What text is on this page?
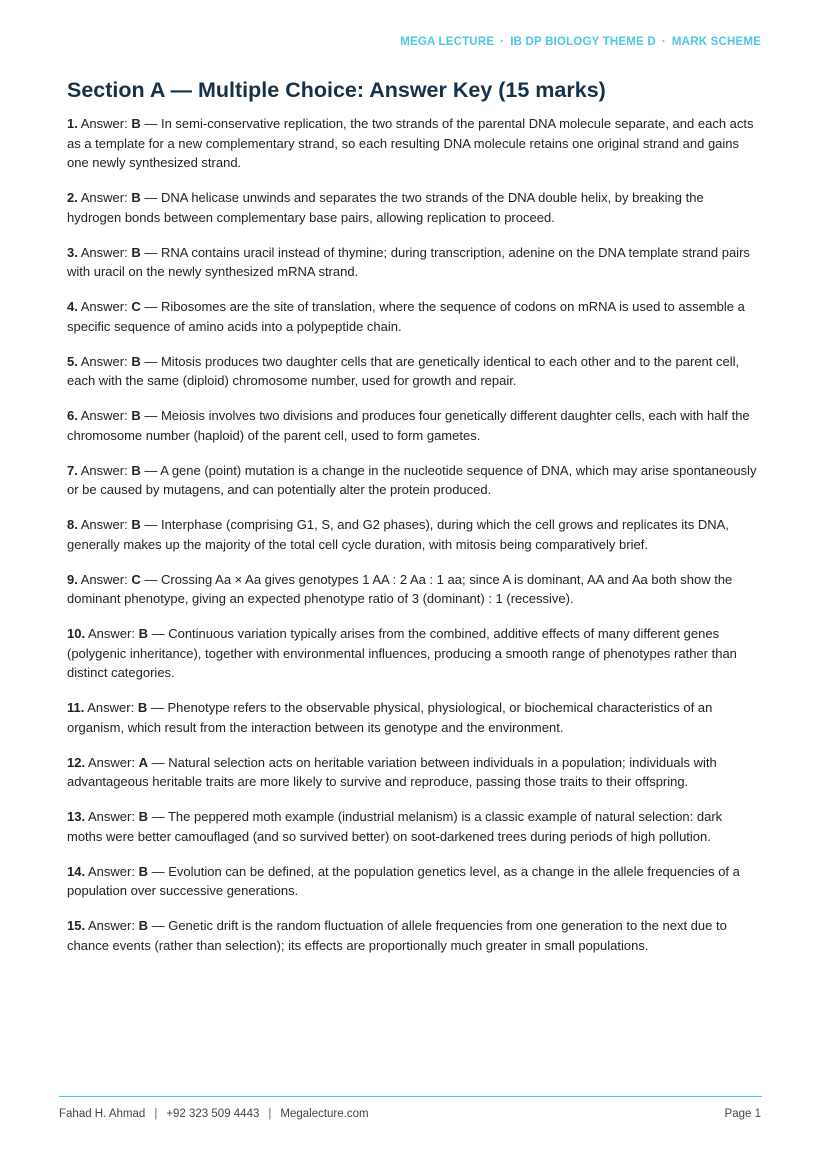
MEGA LECTURE · IB DP BIOLOGY THEME D · MARK SCHEME
Section A — Multiple Choice: Answer Key (15 marks)

1. Answer: B — In semi-conservative replication, the two strands of the parental DNA molecule separate, and each acts as a template for a new complementary strand, so each resulting DNA molecule retains one original strand and gains one newly synthesized strand.

2. Answer: B — DNA helicase unwinds and separates the two strands of the DNA double helix, by breaking the hydrogen bonds between complementary base pairs, allowing replication to proceed.

3. Answer: B — RNA contains uracil instead of thymine; during transcription, adenine on the DNA template strand pairs with uracil on the newly synthesized mRNA strand.

4. Answer: C — Ribosomes are the site of translation, where the sequence of codons on mRNA is used to assemble a specific sequence of amino acids into a polypeptide chain.

5. Answer: B — Mitosis produces two daughter cells that are genetically identical to each other and to the parent cell, each with the same (diploid) chromosome number, used for growth and repair.

6. Answer: B — Meiosis involves two divisions and produces four genetically different daughter cells, each with half the chromosome number (haploid) of the parent cell, used to form gametes.

7. Answer: B — A gene (point) mutation is a change in the nucleotide sequence of DNA, which may arise spontaneously or be caused by mutagens, and can potentially alter the protein produced.

8. Answer: B — Interphase (comprising G1, S, and G2 phases), during which the cell grows and replicates its DNA, generally makes up the majority of the total cell cycle duration, with mitosis being comparatively brief.

9. Answer: C — Crossing Aa × Aa gives genotypes 1 AA : 2 Aa : 1 aa; since A is dominant, AA and Aa both show the dominant phenotype, giving an expected phenotype ratio of 3 (dominant) : 1 (recessive).

10. Answer: B — Continuous variation typically arises from the combined, additive effects of many different genes (polygenic inheritance), together with environmental influences, producing a smooth range of phenotypes rather than distinct categories.

11. Answer: B — Phenotype refers to the observable physical, physiological, or biochemical characteristics of an organism, which result from the interaction between its genotype and the environment.

12. Answer: A — Natural selection acts on heritable variation between individuals in a population; individuals with advantageous heritable traits are more likely to survive and reproduce, passing those traits to their offspring.

13. Answer: B — The peppered moth example (industrial melanism) is a classic example of natural selection: dark moths were better camouflaged (and so survived better) on soot-darkened trees during periods of high pollution.

14. Answer: B — Evolution can be defined, at the population genetics level, as a change in the allele frequencies of a population over successive generations.

15. Answer: B — Genetic drift is the random fluctuation of allele frequencies from one generation to the next due to chance events (rather than selection); its effects are proportionally much greater in small populations.

Fahad H. Ahmad | +92 323 509 4443 | Megalecture.com	Page 1
